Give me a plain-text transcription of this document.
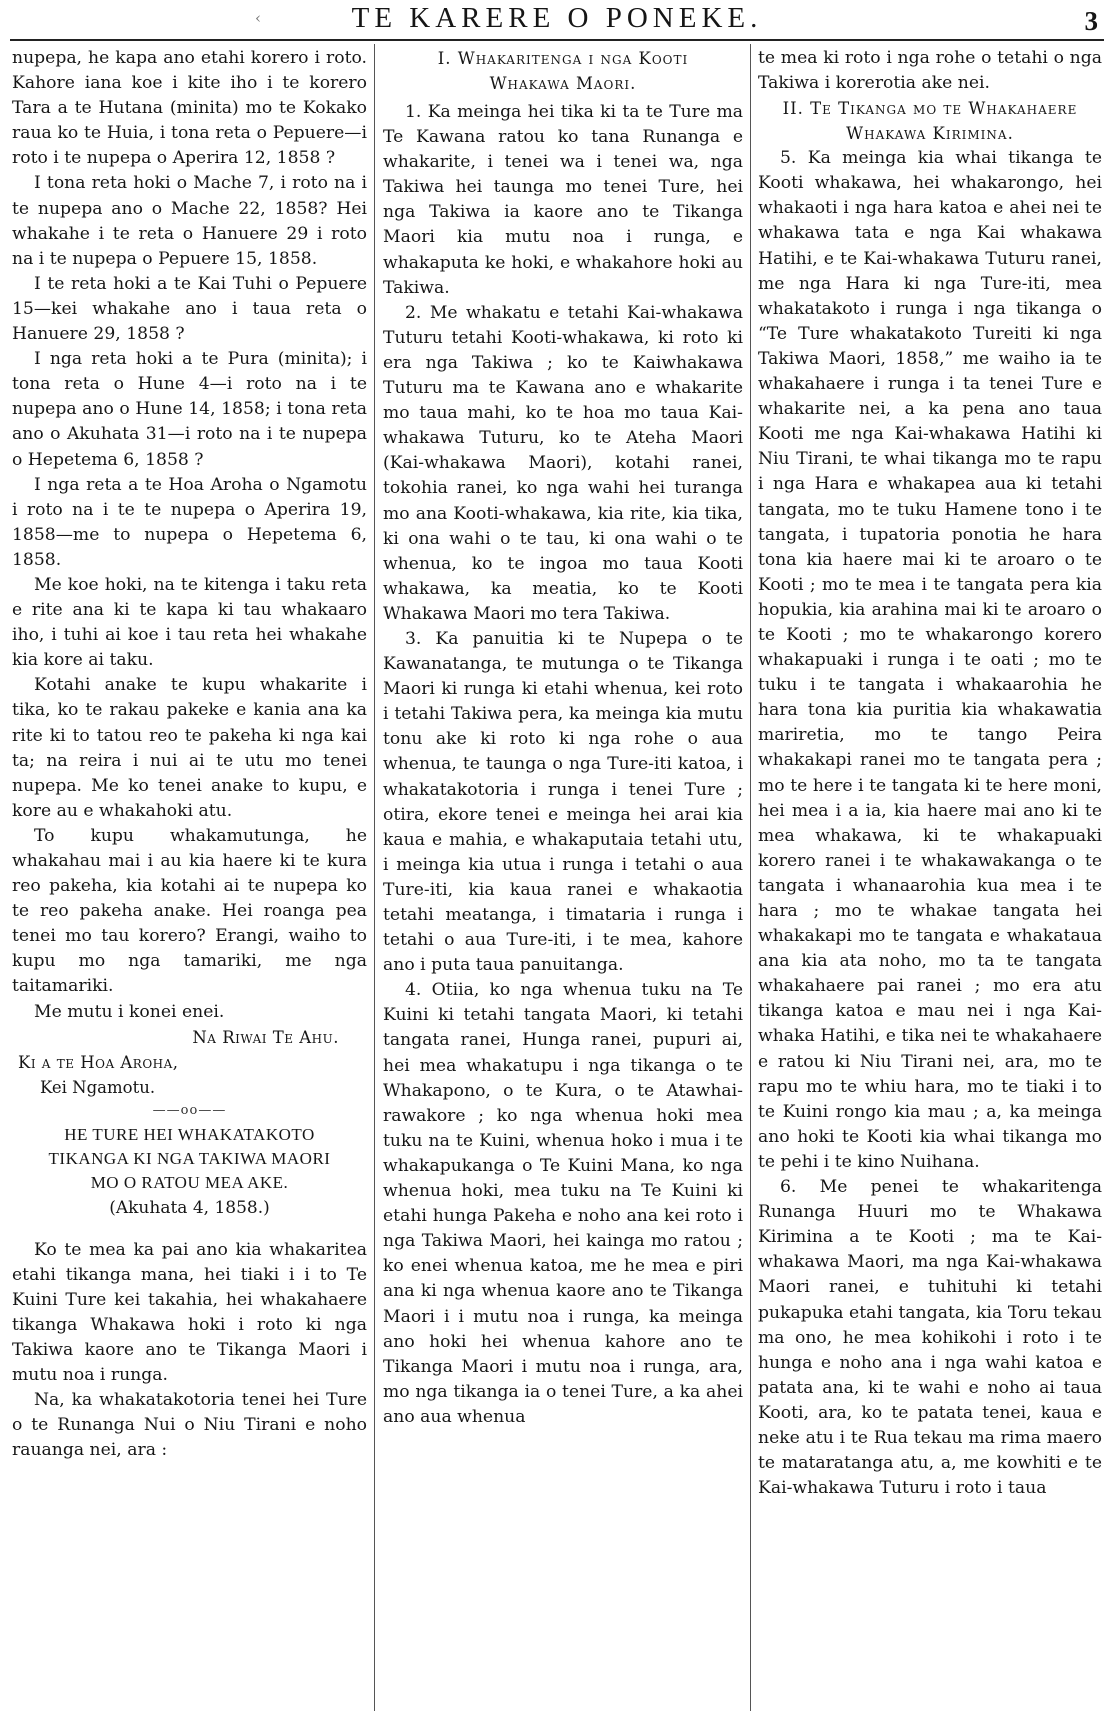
‹	TE KARERE O PONEKE.	3

nupepa, he kapa ano etahi korero i roto. Kahore iana koe i kite iho i te korero Tara a te Hutana (minita) mo te Kokako raua ko te Huia, i tona reta o Pepuere—i roto i te nupepa o Aperira 12, 1858 ?

I tona reta hoki o Mache 7, i roto na i te nupepa ano o Mache 22, 1858? Hei whakahe i te reta o Hanuere 29 i roto na i te nupepa o Pepuere 15, 1858.

I te reta hoki a te Kai Tuhi o Pepuere 15—kei whakahe ano i taua reta o Hanuere 29, 1858 ?

I nga reta hoki a te Pura (minita); i tona reta o Hune 4—i roto na i te nupepa ano o Hune 14, 1858; i tona reta ano o Akuhata 31—i roto na i te nupepa o Hepetema 6, 1858 ?

I nga reta a te Hoa Aroha o Ngamotu i roto na i te te nupepa o Aperira 19, 1858—me to nupepa o Hepetema 6, 1858.

Me koe hoki, na te kitenga i taku reta e rite ana ki te kapa ki tau whakaaro iho, i tuhi ai koe i tau reta hei whakahe kia kore ai taku.

Kotahi anake te kupu whakarite i tika, ko te rakau pakeke e kania ana ka rite ki to tatou reo te pakeha ki nga kai ta; na reira i nui ai te utu mo tenei nupepa. Me ko tenei anake to kupu, e kore au e whakahoki atu.

To kupu whakamutunga, he whakahau mai i au kia haere ki te kura reo pakeha, kia kotahi ai te nupepa ko te reo pakeha anake. Hei roanga pea tenei mo tau korero? Erangi, waiho to kupu mo nga tamariki, me nga taitamariki.

Me mutu i konei enei.

Na Riwai Te Ahu.
Ki a te Hoa Aroha,
Kei Ngamotu.
——oo——
HE TURE HEI WHAKATAKOTO
TIKANGA KI NGA TAKIWA MAORI
MO O RATOU MEA AKE.
(Akuhata 4, 1858.)

Ko te mea ka pai ano kia whakaritea etahi tikanga mana, hei tiaki i i to Te Kuini Ture kei takahia, hei whakahaere tikanga Whakawa hoki i roto ki nga Takiwa kaore ano te Tikanga Maori i mutu noa i runga.

Na, ka whakatakotoria tenei hei Ture o te Runanga Nui o Niu Tirani e noho rauanga nei, ara :

I. Whakaritenga i nga Kooti
Whakawa Maori.

1. Ka meinga hei tika ki ta te Ture ma Te Kawana ratou ko tana Runanga e whakarite, i tenei wa i tenei wa, nga Takiwa hei taunga mo tenei Ture, hei nga Takiwa ia kaore ano te Tikanga Maori kia mutu noa i runga, e whakaputa ke hoki, e whakahore hoki au Takiwa.

2. Me whakatu e tetahi Kai-whakawa Tuturu tetahi Kooti-whakawa, ki roto ki era nga Takiwa ; ko te Kaiwhakawa Tuturu ma te Kawana ano e whakarite mo taua mahi, ko te hoa mo taua Kai-whakawa Tuturu, ko te Ateha Maori (Kai-whakawa Maori), kotahi ranei, tokohia ranei, ko nga wahi hei turanga mo ana Kooti-whakawa, kia rite, kia tika, ki ona wahi o te tau, ki ona wahi o te whenua, ko te ingoa mo taua Kooti whakawa, ka meatia, ko te Kooti Whakawa Maori mo tera Takiwa.

3. Ka panuitia ki te Nupepa o te Kawanatanga, te mutunga o te Tikanga Maori ki runga ki etahi whenua, kei roto i tetahi Takiwa pera, ka meinga kia mutu tonu ake ki roto ki nga rohe o aua whenua, te taunga o nga Ture-iti katoa, i whakatakotoria i runga i tenei Ture ; otira, ekore tenei e meinga hei arai kia kaua e mahia, e whakaputaia tetahi utu, i meinga kia utua i runga i tetahi o aua Ture-iti, kia kaua ranei e whakaotia tetahi meatanga, i timataria i runga i tetahi o aua Ture-iti, i te mea, kahore ano i puta taua panuitanga.

4. Otiia, ko nga whenua tuku na Te Kuini ki tetahi tangata Maori, ki tetahi tangata ranei, Hunga ranei, pupuri ai, hei mea whakatupu i nga tikanga o te Whakapono, o te Kura, o te Atawhai-rawakore ; ko nga whenua hoki mea tuku na te Kuini, whenua hoko i mua i te whakapukanga o Te Kuini Mana, ko nga whenua hoki, mea tuku na Te Kuini ki etahi hunga Pakeha e noho ana kei roto i nga Takiwa Maori, hei kainga mo ratou ; ko enei whenua katoa, me he mea e piri ana ki nga whenua kaore ano te Tikanga Maori i i mutu noa i runga, ka meinga ano hoki hei whenua kahore ano te Tikanga Maori i mutu noa i runga, ara, mo nga tikanga ia o tenei Ture, a ka ahei ano aua whenua

te mea ki roto i nga rohe o tetahi o nga Takiwa i korerotia ake nei.

II. Te Tikanga mo te Whakahaere
Whakawa Kirimina.

5. Ka meinga kia whai tikanga te Kooti whakawa, hei whakarongo, hei whakaoti i nga hara katoa e ahei nei te whakawa tata e nga Kai whakawa Hatihi, e te Kai-whakawa Tuturu ranei, me nga Hara ki nga Ture-iti, mea whakatakoto i runga i nga tikanga o “Te Ture whakatakoto Tureiti ki nga Takiwa Maori, 1858,” me waiho ia te whakahaere i runga i ta tenei Ture e whakarite nei, a ka pena ano taua Kooti me nga Kai-whakawa Hatihi ki Niu Tirani, te whai tikanga mo te rapu i nga Hara e whakapea aua ki tetahi tangata, mo te tuku Hamene tono i te tangata, i tupatoria ponotia he hara tona kia haere mai ki te aroaro o te Kooti ; mo te mea i te tangata pera kia hopukia, kia arahina mai ki te aroaro o te Kooti ; mo te whakarongo korero whakapuaki i runga i te oati ; mo te tuku i te tangata i whakaarohia he hara tona kia puritia kia whakawatia mariretia, mo te tango Peira whakakapi ranei mo te tangata pera ; mo te here i te tangata ki te here moni, hei mea i a ia, kia haere mai ano ki te mea whakawa, ki te whakapuaki korero ranei i te whakawakanga o te tangata i whanaarohia kua mea i te hara ; mo te whakae tangata hei whakakapi mo te tangata e whakataua ana kia ata noho, mo ta te tangata whakahaere pai ranei ; mo era atu tikanga katoa e mau nei i nga Kai-whaka Hatihi, e tika nei te whakahaere e ratou ki Niu Tirani nei, ara, mo te rapu mo te whiu hara, mo te tiaki i to te Kuini rongo kia mau ; a, ka meinga ano hoki te Kooti kia whai tikanga mo te pehi i te kino Nuihana.

6. Me penei te whakaritenga Runanga Huuri mo te Whakawa Kirimina a te Kooti ; ma te Kai-whakawa Maori, ma nga Kai-whakawa Maori ranei, e tuhituhi ki tetahi pukapuka etahi tangata, kia Toru tekau ma ono, he mea kohikohi i roto i te hunga e noho ana i nga wahi katoa e patata ana, ki te wahi e noho ai taua Kooti, ara, ko te patata tenei, kaua e neke atu i te Rua tekau ma rima maero te mataratanga atu, a, me kowhiti e te Kai-whakawa Tuturu i roto i taua
